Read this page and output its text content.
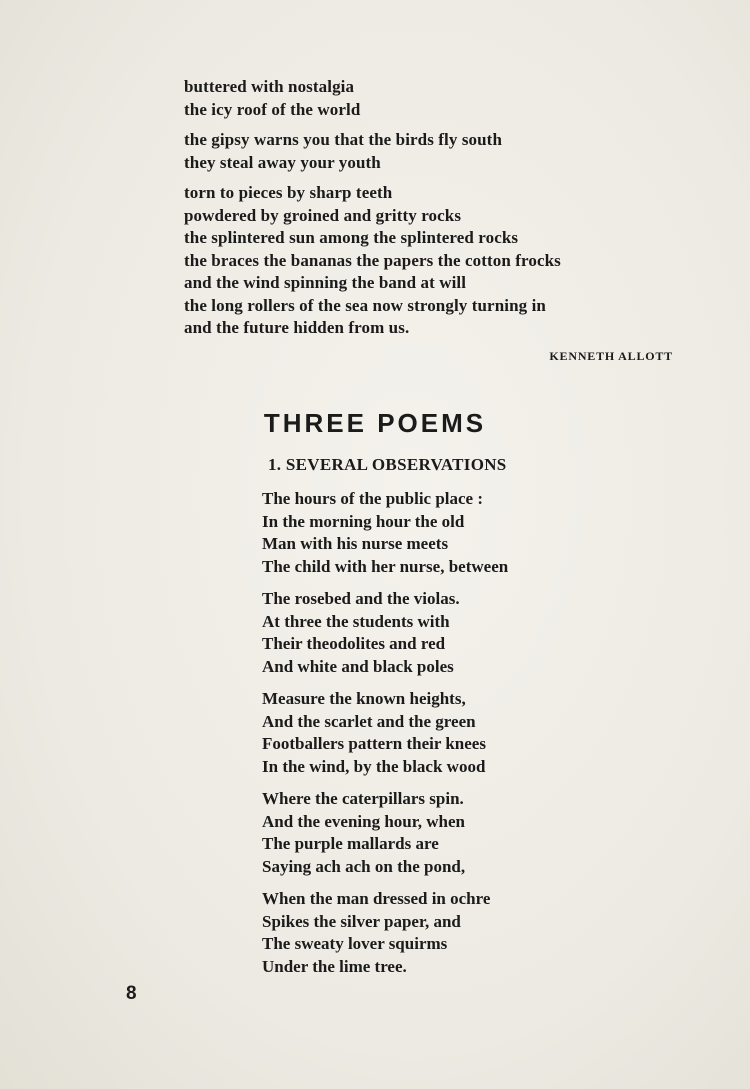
buttered with nostalgia
the icy roof of the world
the gipsy warns you that the birds fly south
they steal away your youth
torn to pieces by sharp teeth
powdered by groined and gritty rocks
the splintered sun among the splintered rocks
the braces the bananas the papers the cotton frocks
and the wind spinning the band at will
the long rollers of the sea now strongly turning in
and the future hidden from us.
KENNETH ALLOTT
THREE POEMS
1. SEVERAL OBSERVATIONS
The hours of the public place :
In the morning hour the old
Man with his nurse meets
The child with her nurse, between
The rosebed and the violas.
At three the students with
Their theodolites and red
And white and black poles
Measure the known heights,
And the scarlet and the green
Footballers pattern their knees
In the wind, by the black wood
Where the caterpillars spin.
And the evening hour, when
The purple mallards are
Saying ach ach on the pond,
When the man dressed in ochre
Spikes the silver paper, and
The sweaty lover squirms
Under the lime tree.
8
